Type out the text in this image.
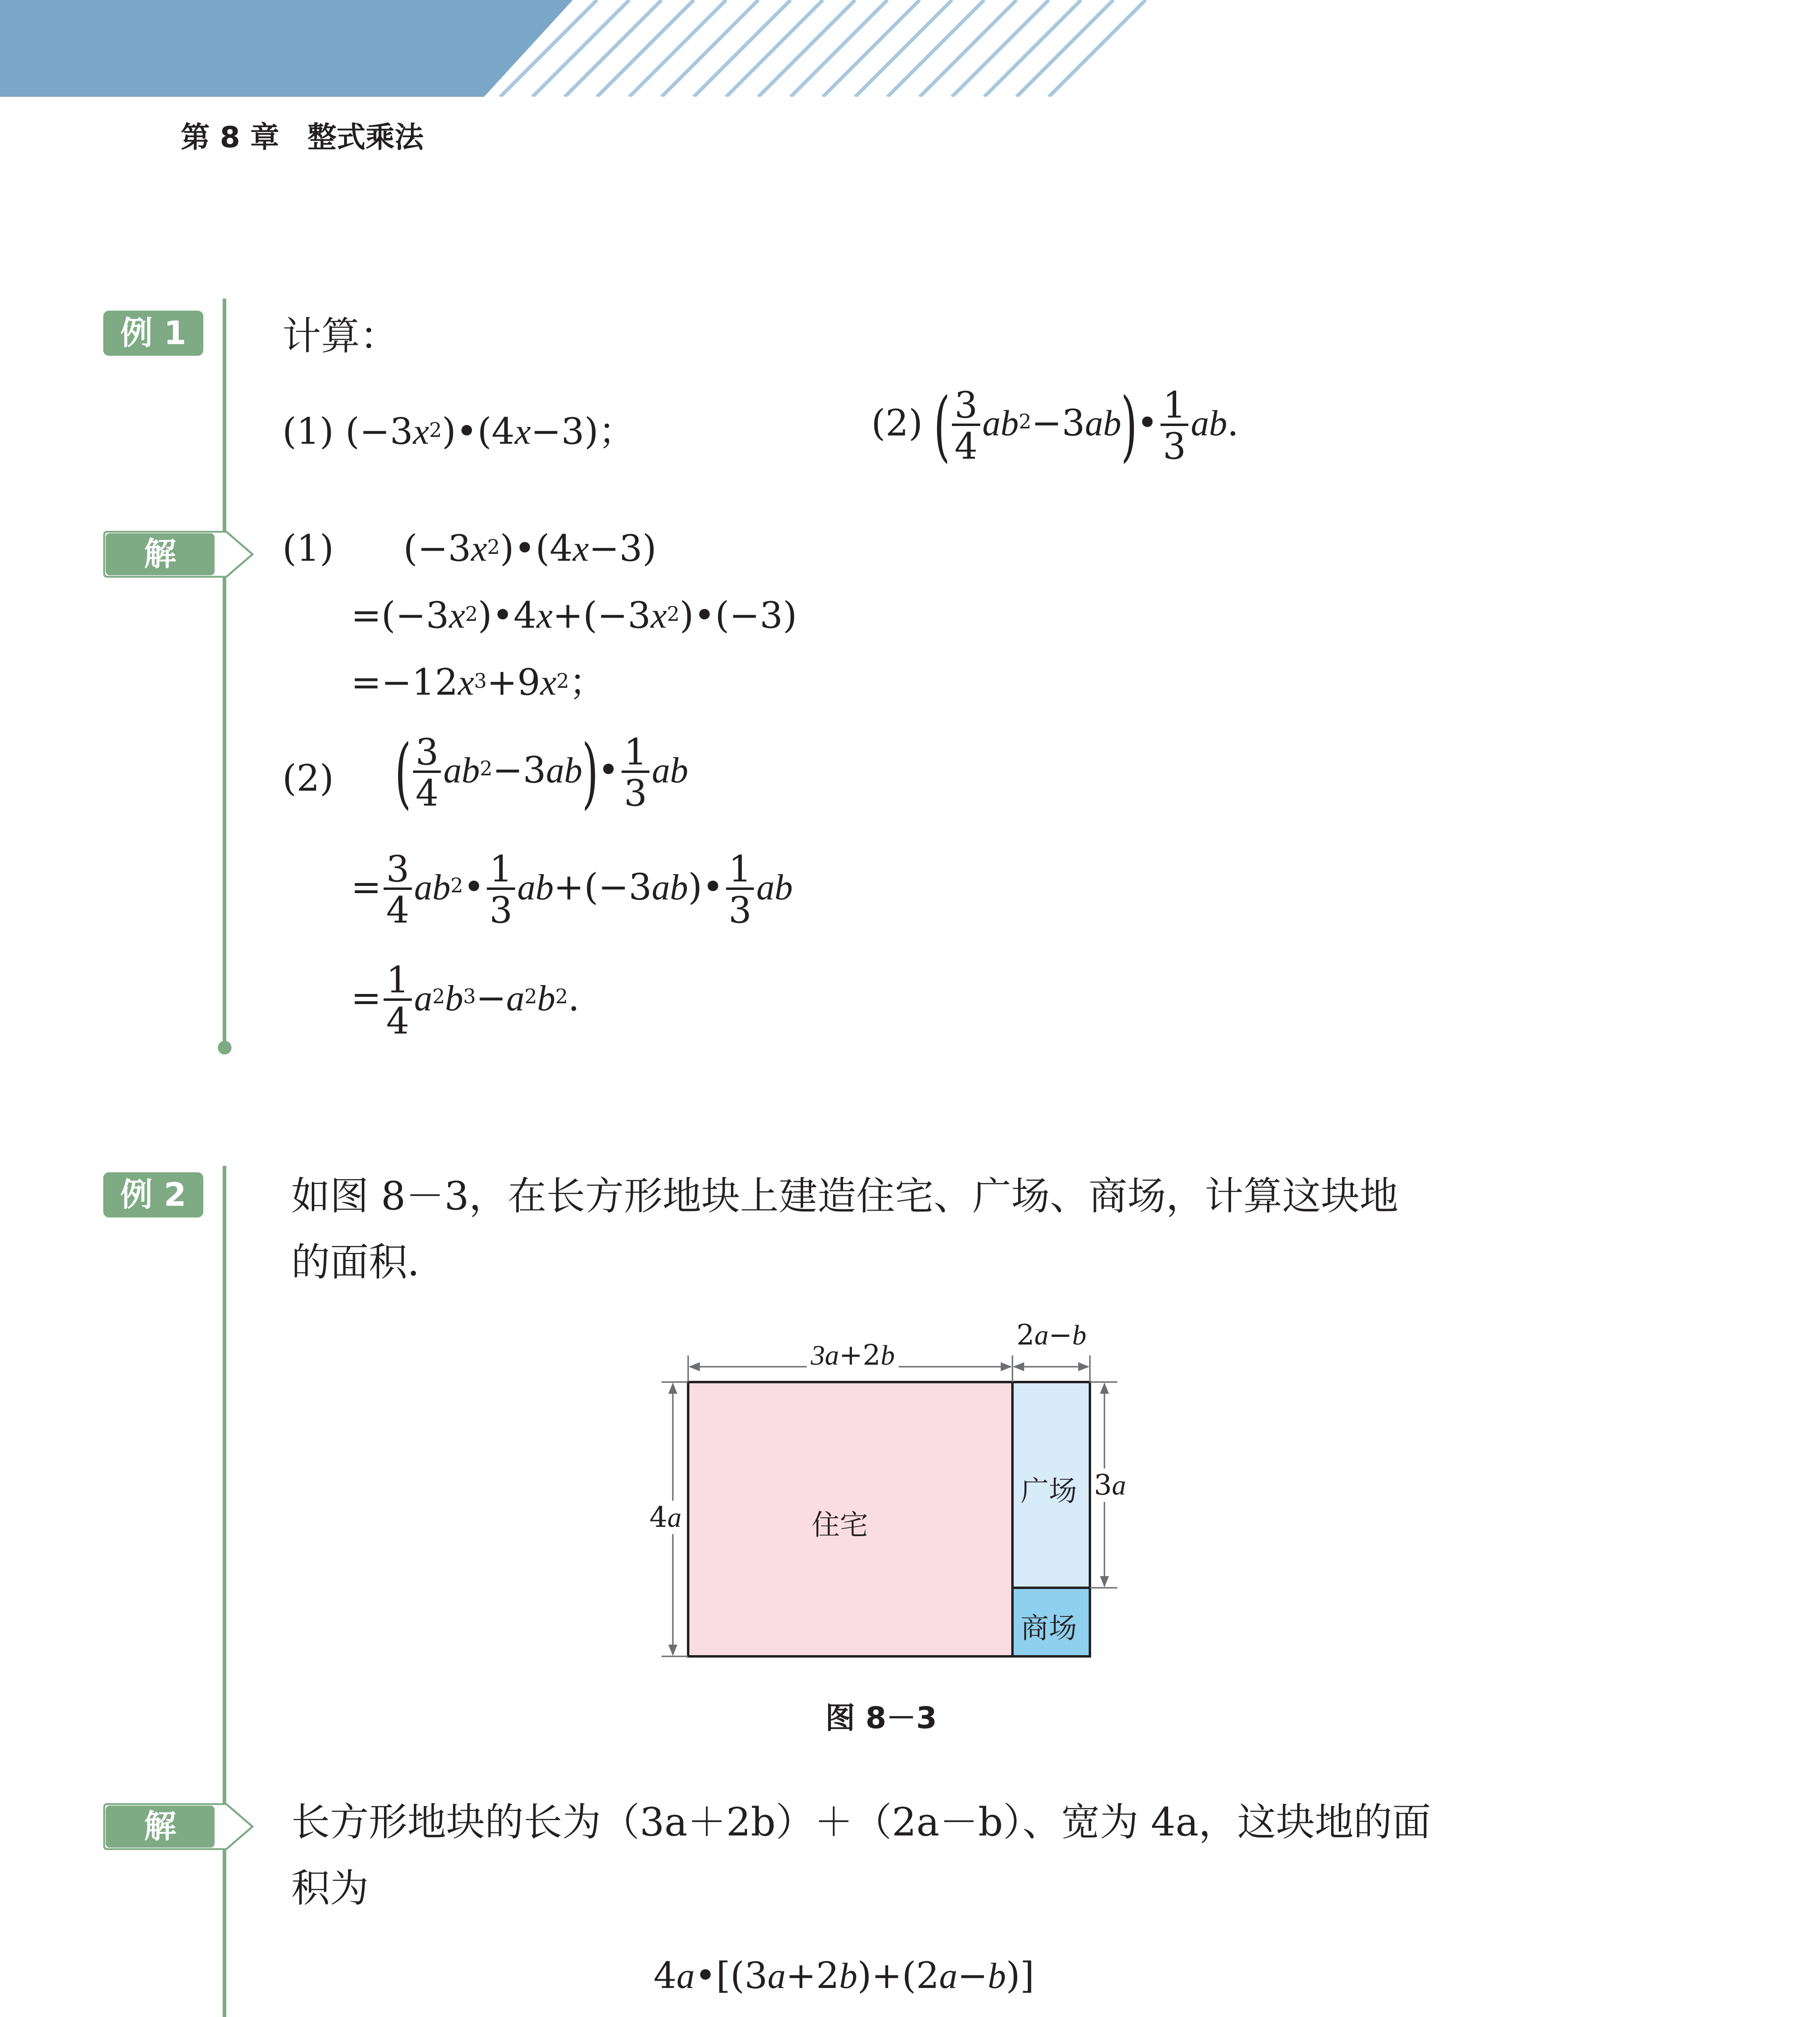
第 8 章 整式乘法
例 1	计算：
(1) $(-3x^2)•(4x-3)$；	(2) ( $\frac{3}{4}$ $ab^2-3ab)• \frac{1}{3}$ ab.
解	(1) $(-3x^2)•(4x-3)$
$=(-3x^2)•4x+(-3x^2)•(-3)$
$=-12x^3+9x^2$；
(2) ( $\frac{3}{4}$ $ab^2-3ab)• \frac{1}{3}$ ab
= $\frac{3}{4}$ $ab^2• \frac{1}{3}$ ab+(−3ab)• $\frac{1}{3}$ ab
= $\frac{1}{4} a^2b^3-a^2b^2$.
例 2	如图 8－3，在长方形地块上建造住宅、广场、商场，计算这块地
的面积．
3a+2b
2a−b
4a
3a
住宅
广场
商场
图 8－3
解	长方形地块的长为（3a＋2b）＋（2a－b）、宽为 4a，这块地的面
积为
4a•[(3a+2b)+(2a−b)]
